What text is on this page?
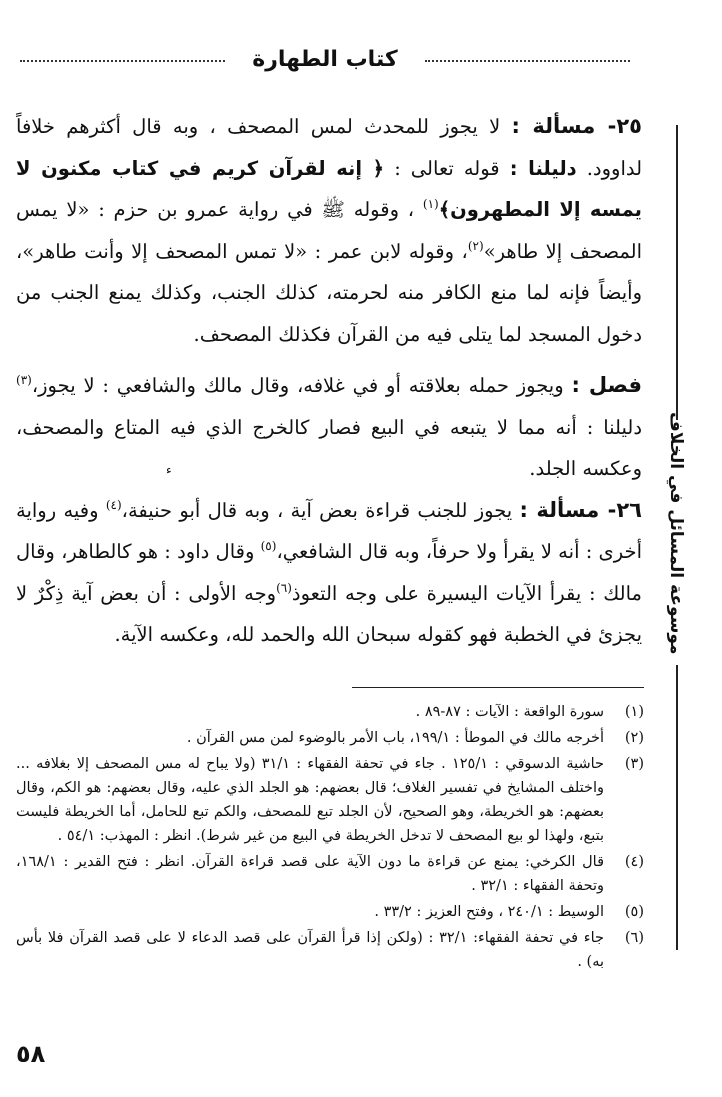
كتاب الطهارة
موسوعة المسائل في الخلاف

٢٥- مسألة : لا يجوز للمحدث لمس المصحف ، وبه قال أكثرهم خلافاً لداوود. دليلنا : قوله تعالى : ﴿ إنه لقرآن كريم في كتاب مكنون لا يمسه إلا المطهرون﴾$^{(١)}$ ، وقوله ﷺ في رواية عمرو بن حزم : «لا يمس المصحف إلا طاهر»$^{(٢)}$، وقوله لابن عمر : «لا تمس المصحف إلا وأنت طاهر»، وأيضاً فإنه لما منع الكافر منه لحرمته، كذلك الجنب، وكذلك يمنع الجنب من دخول المسجد لما يتلى فيه من القرآن فكذلك المصحف.

فصل : ويجوز حمله بعلاقته أو في غلافه، وقال مالك والشافعي : لا يجوز،$^{(٣)}$ دليلنا : أنه مما لا يتبعه في البيع فصار كالخرج الذي فيه المتاع والمصحف، وعكسه الجلد.

٢٦- مسألة : يجوز للجنب قراءة بعض آية ، وبه قال أبو حنيفة،$^{(٤)}$ وفيه رواية أخرى : أنه لا يقرأ ولا حرفاً، وبه قال الشافعي،$^{(٥)}$ وقال داود : هو كالطاهر، وقال مالك : يقرأ الآيات اليسيرة على وجه التعوذ$^{(٦)}$وجه الأولى : أن بعض آية ذِكْرٌ لا يجزئ في الخطبة فهو كقوله سبحان الله والحمد لله، وعكسه الآية.

ء
(١)
سورة الواقعة : الآيات : ٨٧-٨٩ .
(٢)
أخرجه مالك في الموطأ : ١٩٩/١، باب الأمر بالوضوء لمن مس القرآن .
(٣)
حاشية الدسوقي : ١٢٥/١ . جاء في تحفة الفقهاء : ٣١/١ (ولا يباح له مس المصحف إلا بغلافه ... واختلف المشايخ في تفسير الغلاف؛ قال بعضهم: هو الجلد الذي عليه، وقال بعضهم: هو الكم، وقال بعضهم: هو الخريطة، وهو الصحيح، لأن الجلد تبع للمصحف، والكم تبع للحامل، أما الخريطة فليست بتبع، ولهذا لو بيع المصحف لا تدخل الخريطة في البيع من غير شرط). انظر : المهذب: ٥٤/١ .
(٤)
قال الكرخي: يمنع عن قراءة ما دون الآية على قصد قراءة القرآن. انظر : فتح القدير : ١٦٨/١، وتحفة الفقهاء : ٣٢/١ .
(٥)
الوسيط : ٢٤٠/١ ، وفتح العزيز : ٣٣/٢ .
(٦)
جاء في تحفة الفقهاء: ٣٢/١ : (ولكن إذا قرأ القرآن على قصد الدعاء لا على قصد القرآن فلا بأس به) .
٥٨
